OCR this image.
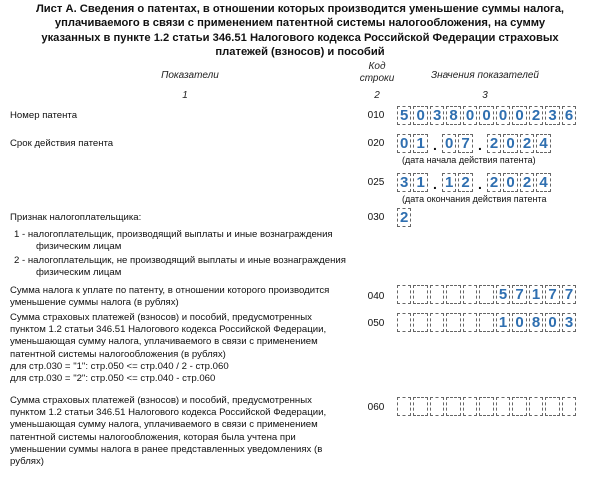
Лист А. Сведения о патентах, в отношении которых производится уменьшение суммы налога,
уплачиваемого в связи с применением патентной системы налогообложения, на сумму
указанных в пункте 1.2 статьи 346.51 Налогового кодекса Российской Федерации страховых
платежей (взносов) и пособий
Показатели
Код
строки	Значения показателей
1	2	3
Номер патента	010	5 0 3 8 0 0 0 0 2 3 6
Срок действия патента	020	0 1 . 0 7 . 2 0 2 4
(дата начала действия патента)
025	3 1 . 1 2 . 2 0 2 4
(дата окончания действия патента
Признак налогоплательщика:	030	2
1 - налогоплательщик, производящий выплаты и иные вознаграждения
физическим лицам
2 - налогоплательщик, не производящий выплаты и иные вознаграждения
физическим лицам
Сумма налога к уплате по патенту, в отношении которого производится
уменьшение суммы налога (в рублях)
040	5 7 1 7 7
Сумма страховых платежей (взносов) и пособий, предусмотренных
пунктом 1.2 статьи 346.51 Налогового кодекса Российской Федерации,
уменьшающая сумму налога, уплачиваемого в связи с применением
патентной системы налогообложения (в рублях)
для стр.030 = "1": стр.050 <= стр.040 / 2 - стр.060
для стр.030 = "2": стр.050 <= стр.040 - стр.060
050	1 0 8 0 3
Сумма страховых платежей (взносов) и пособий, предусмотренных
пунктом 1.2 статьи 346.51 Налогового кодекса Российской Федерации,
уменьшающая сумму налога, уплачиваемого в связи с применением
патентной системы налогообложения, которая была учтена при
уменьшении суммы налога в ранее представленных уведомлениях (в
рублях)
060
